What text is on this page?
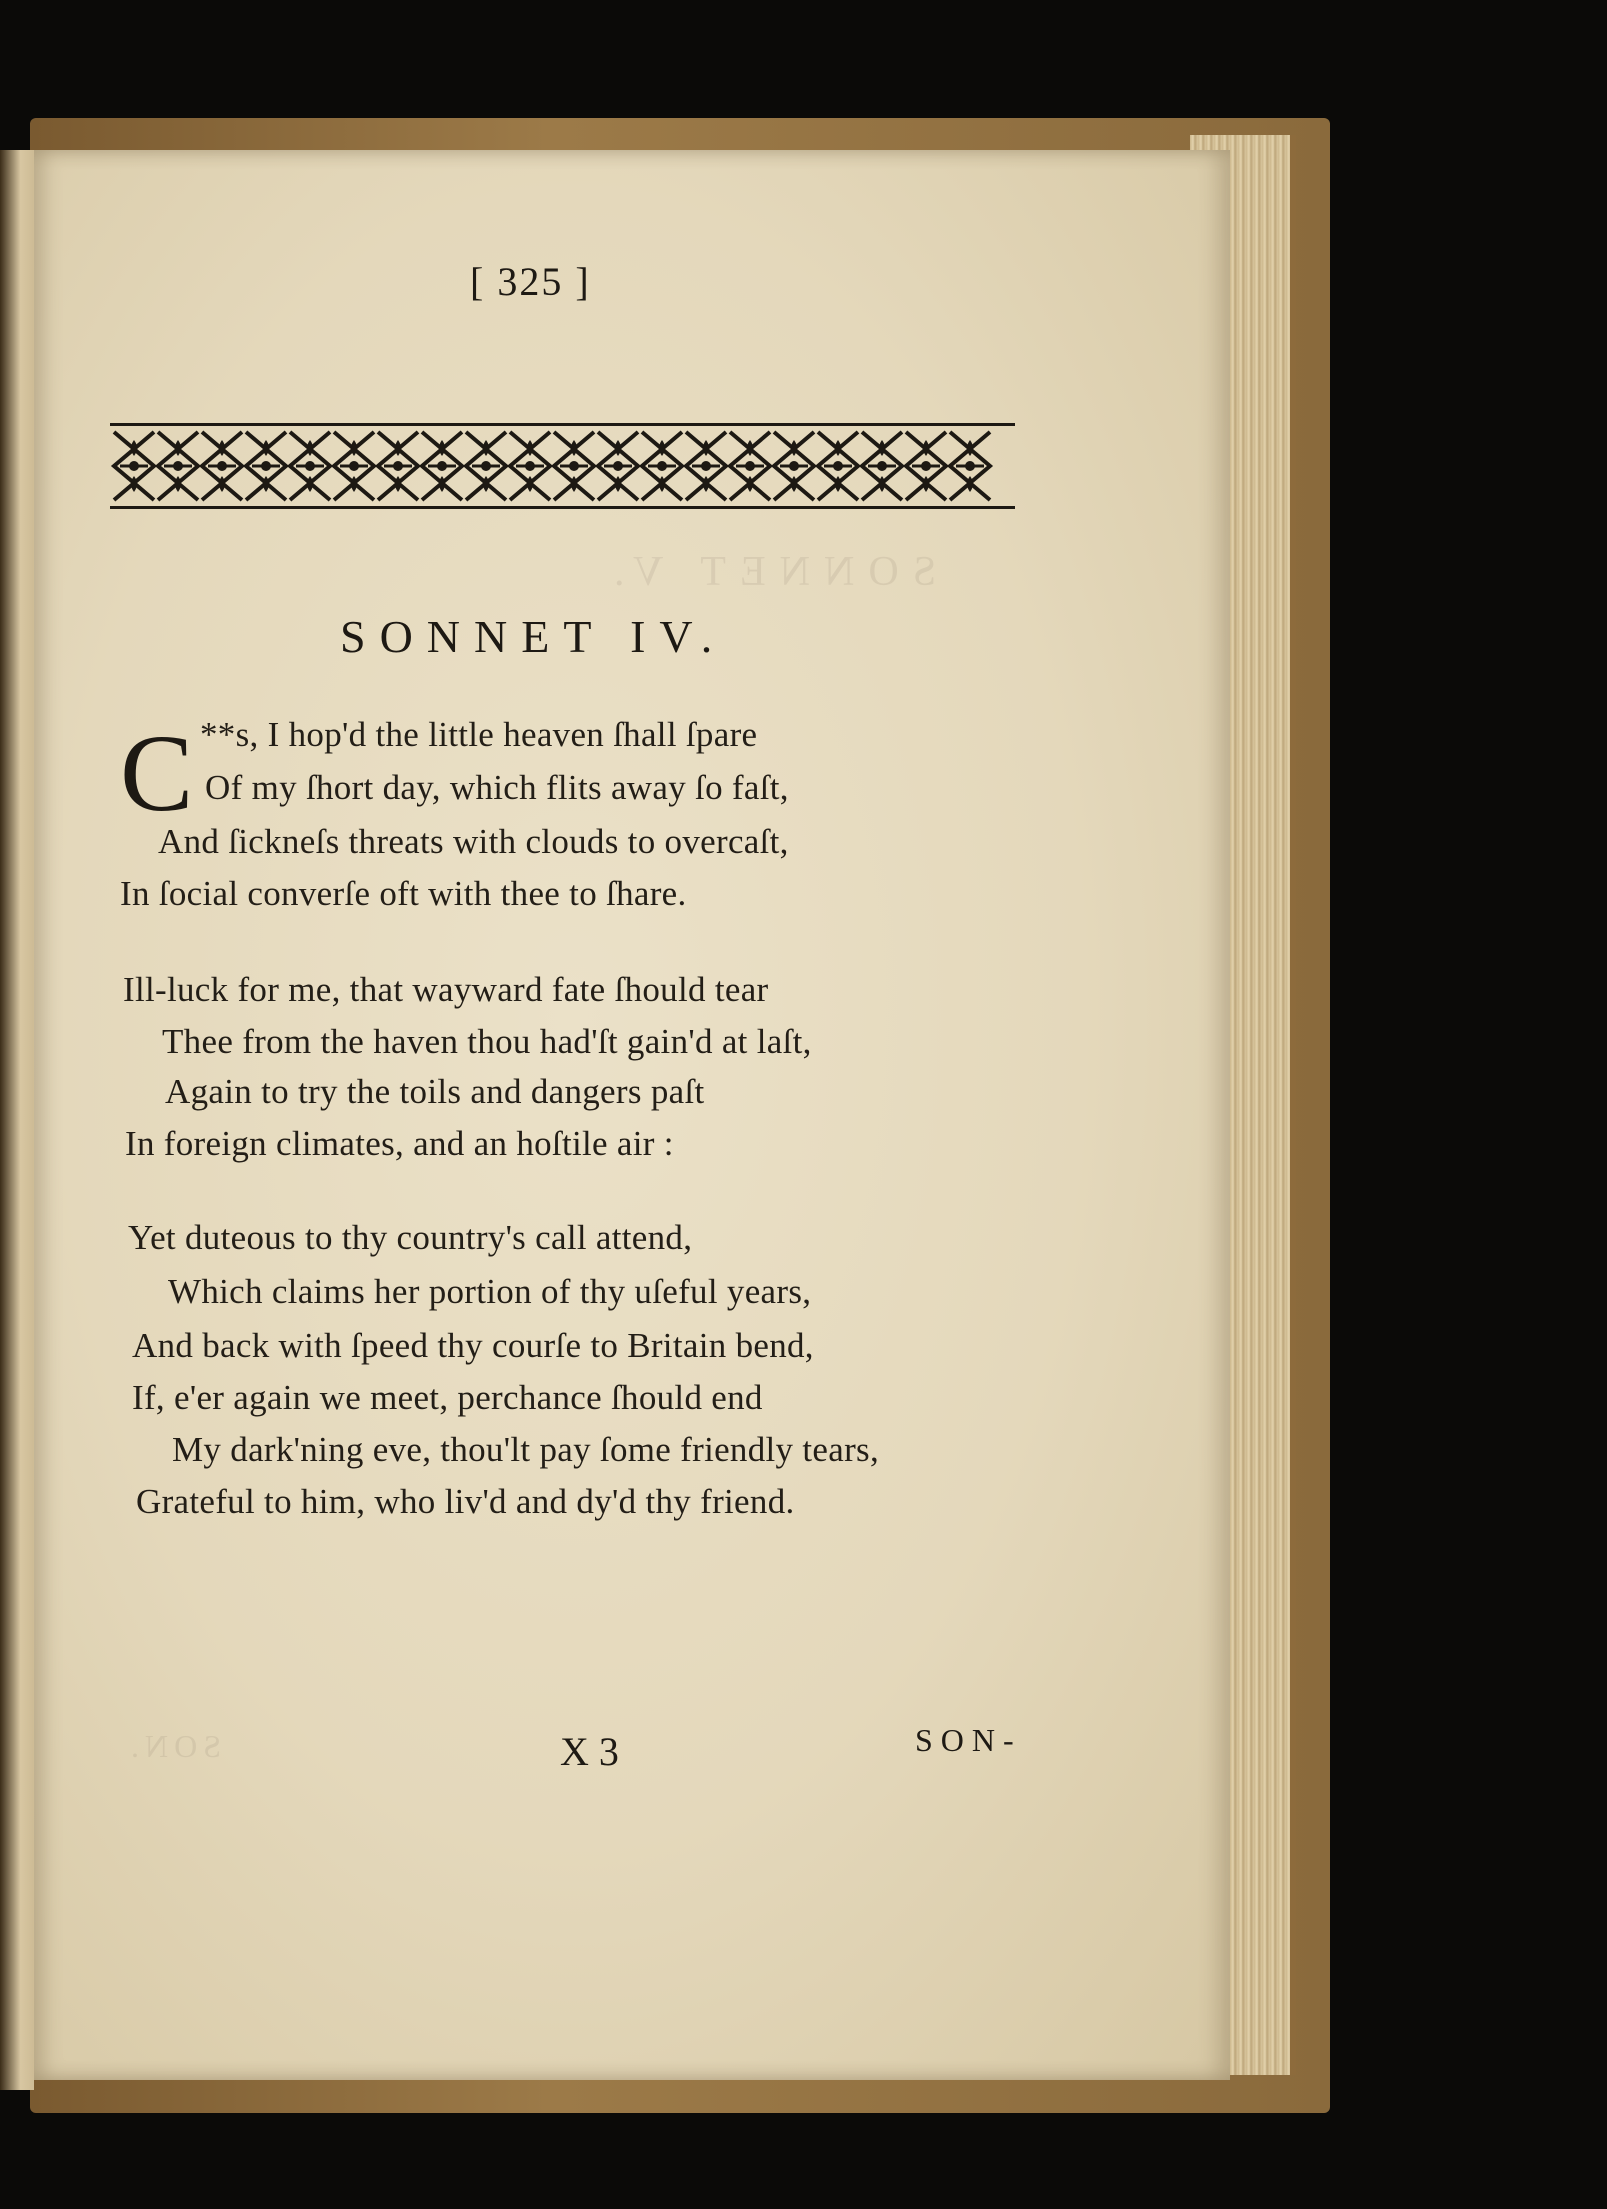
SONNET V.
SON.
[ 325 ]
SONNET IV.
C **s, I hop'd the little heaven ſhall ſpare
Of my ſhort day, which flits away ſo faſt,
And ſickneſs threats with clouds to overcaſt,
In ſocial converſe oft with thee to ſhare.
Ill-luck for me, that wayward fate ſhould tear
Thee from the haven thou had'ſt gain'd at laſt,
Again to try the toils and dangers paſt
In foreign climates, and an hoſtile air :
Yet duteous to thy country's call attend,
Which claims her portion of thy uſeful years,
And back with ſpeed thy courſe to Britain bend,
If, e'er again we meet, perchance ſhould end
My dark'ning eve, thou'lt pay ſome friendly tears,
Grateful to him, who liv'd and dy'd thy friend.
X 3	SON-
